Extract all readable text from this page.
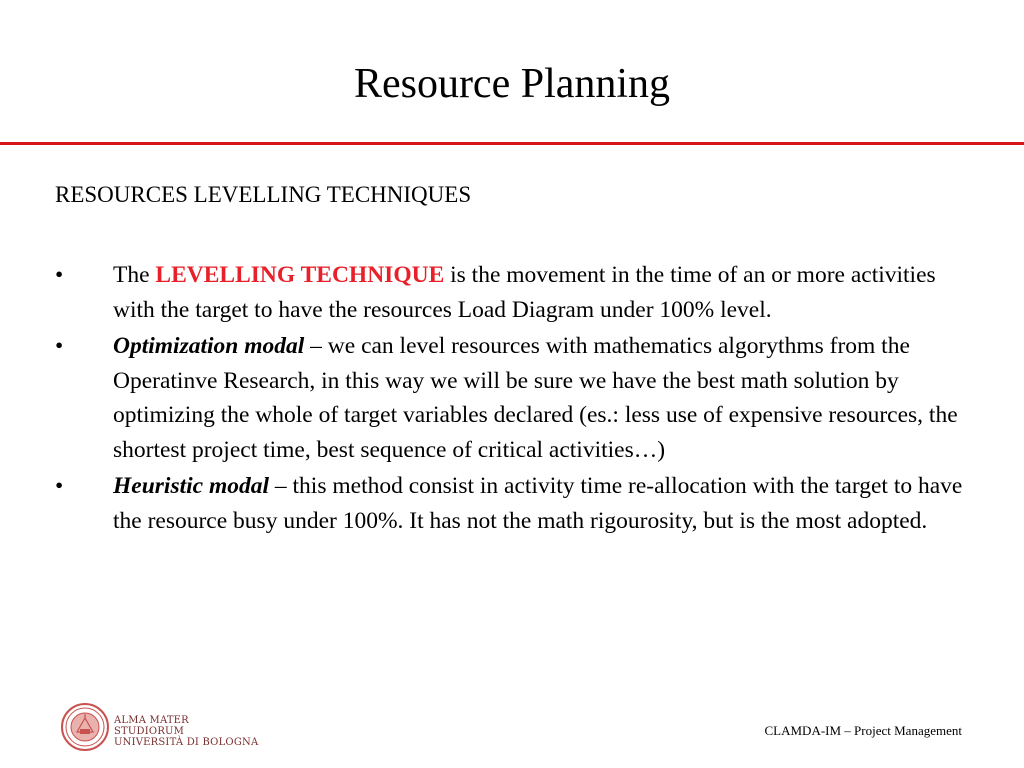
Resource Planning
RESOURCES LEVELLING TECHNIQUES
• The LEVELLING TECHNIQUE is the movement in the time of an or more activities with the target to have the resources Load Diagram under 100% level.
• Optimization modal – we can level resources with mathematics algorythms from the Operatinve Research, in this way we will be sure we have the best math solution by optimizing the whole of target variables declared (es.: less use of expensive resources, the shortest project time, best sequence of critical activities…)
• Heuristic modal – this method consist in activity time re-allocation with the target to have the resource busy under 100%. It has not the math rigourosity, but is the most adopted.
ALMA MATER STUDIORUM
UNIVERSITÀ DI BOLOGNA
CLAMDA-IM – Project Management
